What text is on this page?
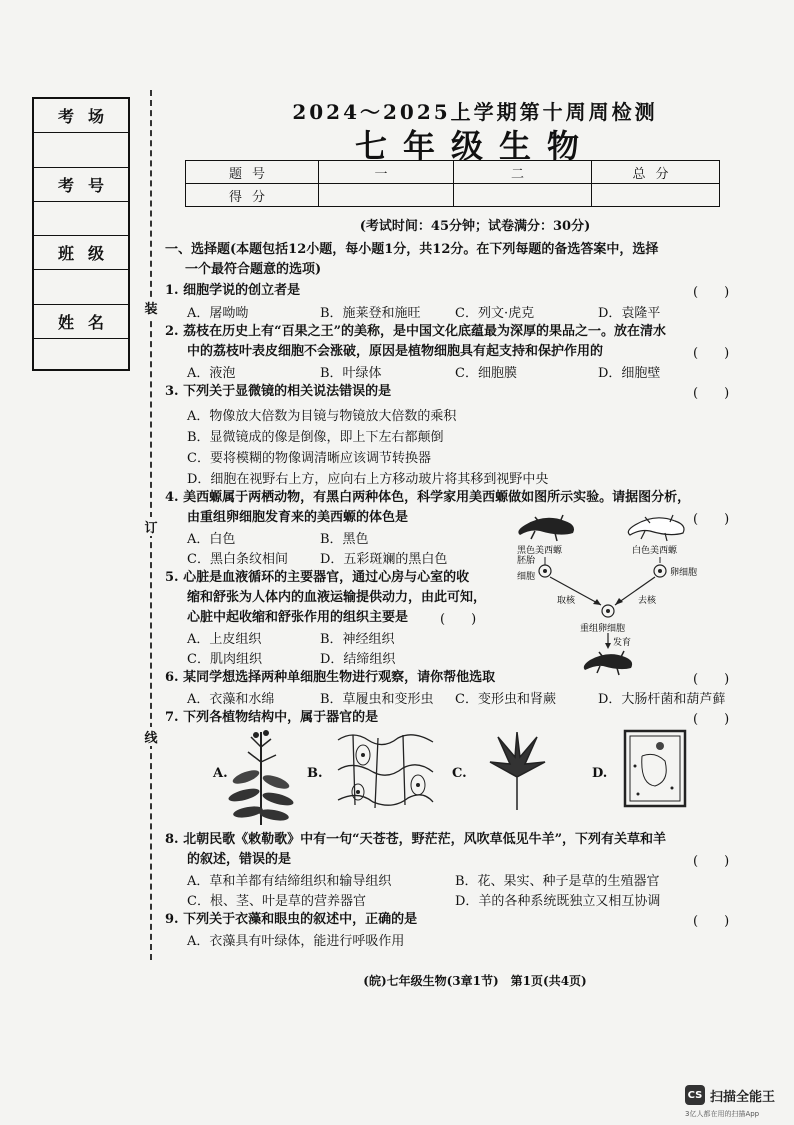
考场
考号
班级
姓名
装
订
线
2024～2025上学期第十周周检测
七年级生物
题号	一	二	总分
得分			
(考试时间：45分钟；试卷满分：30分)
一、选择题(本题包括12小题，每小题1分，共12分。在下列每题的备选答案中，选择
一个最符合题意的选项)
1. 细胞学说的创立者是	(　　)
A．屠呦呦	B．施莱登和施旺	C．列文·虎克	D．袁隆平
2. 荔枝在历史上有“百果之王”的美称，是中国文化底蕴最为深厚的果品之一。放在清水
中的荔枝叶表皮细胞不会涨破，原因是植物细胞具有起支持和保护作用的	(　　)
A．液泡	B．叶绿体	C．细胞膜	D．细胞壁
3. 下列关于显微镜的相关说法错误的是	(　　)
A．物像放大倍数为目镜与物镜放大倍数的乘积
B．显微镜成的像是倒像，即上下左右都颠倒
C．要将模糊的物像调清晰应该调节转换器
D．细胞在视野右上方，应向右上方移动玻片将其移到视野中央
4. 美西螈属于两栖动物，有黑白两种体色，科学家用美西螈做如图所示实验。请据图分析，
由重组卵细胞发育来的美西螈的体色是	(　　)
A．白色	B．黑色
C．黑白条纹相间 D．五彩斑斓的黑白色
5. 心脏是血液循环的主要器官，通过心房与心室的收
缩和舒张为人体内的血液运输提供动力，由此可知，
心脏中起收缩和舒张作用的组织主要是 (　　)
A．上皮组织	B．神经组织
C．肌肉组织	D．结缔组织
6. 某同学想选择两种单细胞生物进行观察，请你帮他选取	(　　)
A．衣藻和水绵	B．草履虫和变形虫 C．变形虫和肾蕨	D．大肠杆菌和葫芦藓
7. 下列各植物结构中，属于器官的是	(　　)
A.	B.	C.	D.
8. 北朝民歌《敕勒歌》中有一句“天苍苍，野茫茫，风吹草低见牛羊”，下列有关草和羊
的叙述，错误的是	(　　)
A．草和羊都有结缔组织和输导组织	B．花、果实、种子是草的生殖器官
C．根、茎、叶是草的营养器官	D．羊的各种系统既独立又相互协调
9. 下列关于衣藻和眼虫的叙述中，正确的是	(　　)
A．衣藻具有叶绿体，能进行呼吸作用
黑色美西螈	白色美西螈
胚胎
细胞	卵细胞
取核	去核
重组卵细胞
发育
(皖)七年级生物(3章1节)　第1页(共4页)
CS 扫描全能王
3亿人都在用的扫描App
